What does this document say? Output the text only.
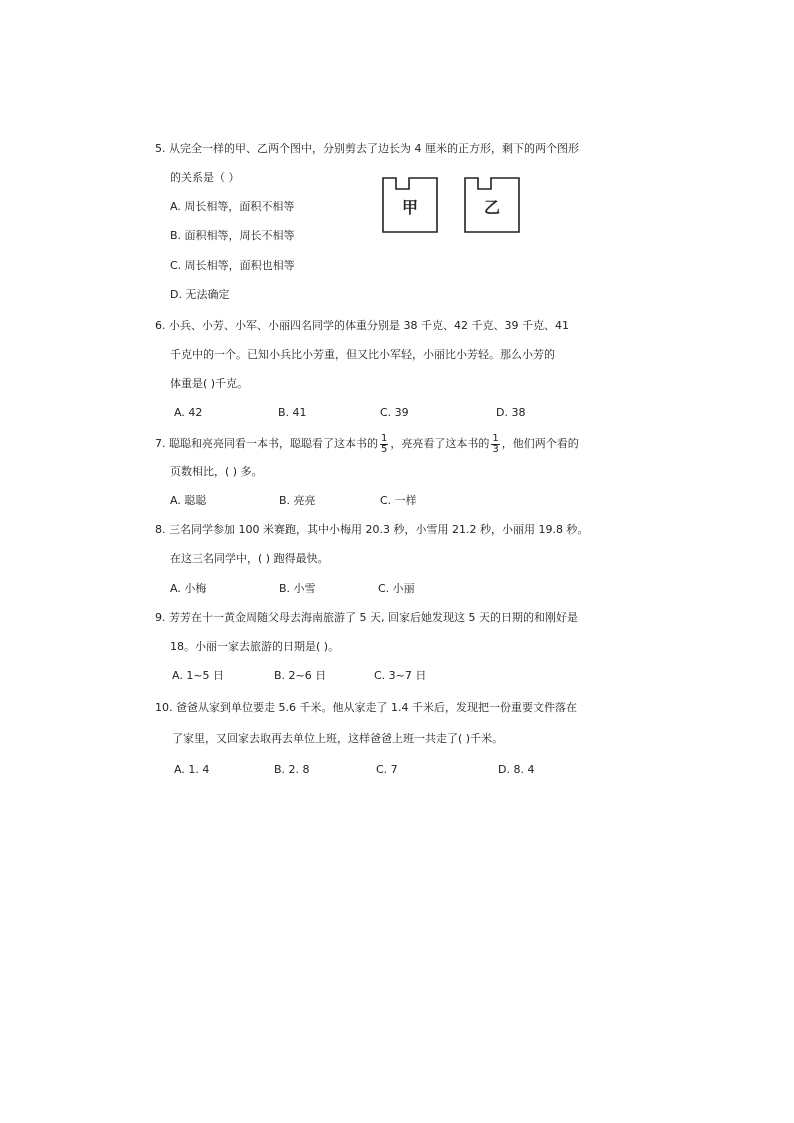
5. 从完全一样的甲、乙两个图中，分别剪去了边长为 4 厘米的正方形，剩下的两个图形
的关系是（ ）
A. 周长相等，面积不相等
B. 面积相等，周长不相等
C. 周长相等，面积也相等
D. 无法确定
甲	乙
6. 小兵、小芳、小军、小丽四名同学的体重分别是 38 千克、42 千克、39 千克、41
千克中的一个。已知小兵比小芳重，但又比小军轻，小丽比小芳轻。那么小芳的
体重是( )千克。
A. 42	B. 41	C. 39	D. 38
7. 聪聪和亮亮同看一本书，聪聪看了这本书的 $\frac{1}{5}$ ，亮亮看了这本书的 $\frac{1}{3}$ ，他们两个看的
页数相比，( ) 多。
A. 聪聪	B. 亮亮	C. 一样
8. 三名同学参加 100 米赛跑，其中小梅用 20.3 秒，小雪用 21.2 秒，小丽用 19.8 秒。
在这三名同学中，( ) 跑得最快。
A. 小梅	B. 小雪	C. 小丽
9. 芳芳在十一黄金周随父母去海南旅游了 5 天, 回家后她发现这 5 天的日期的和刚好是
18。小丽一家去旅游的日期是( )。
A. 1~5 日	B. 2~6 日	C. 3~7 日
10. 爸爸从家到单位要走 5.6 千米。他从家走了 1.4 千米后，发现把一份重要文件落在
了家里，又回家去取再去单位上班，这样爸爸上班一共走了( )千米。
A. 1. 4	B. 2. 8	C. 7	D. 8. 4
